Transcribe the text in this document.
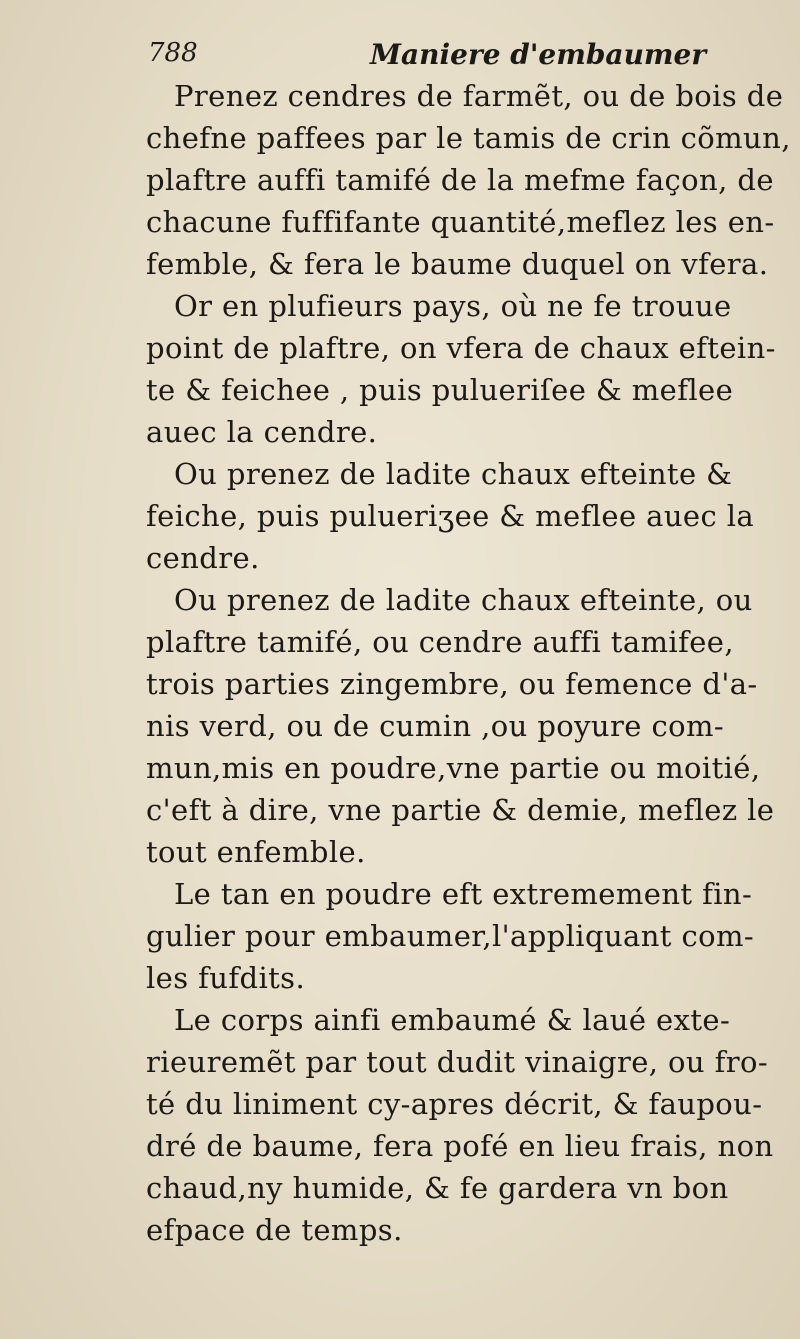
788	Maniere d'embaumer
Prenez cendres de farmẽt, ou de bois de
chefne paffees par le tamis de crin cõmun,
plaftre auffi tamifé de la mefme façon, de
chacune fuffifante quantité,meflez les en-
femble, & fera le baume duquel on vfera.
Or en plufieurs pays, où ne fe trouue
point de plaftre, on vfera de chaux eftein-
te & feichee , puis pulueriſee & meflee
auec la cendre.
Ou prenez de ladite chaux efteinte &
feiche, puis pulueriʒee & meflee auec la
cendre.
Ou prenez de ladite chaux efteinte, ou
plaftre tamifé, ou cendre auffi tamifee,
trois parties zingembre, ou femence d'a-
nis verd, ou de cumin ,ou poyure com-
mun,mis en poudre,vne partie ou moitié,
c'eft à dire, vne partie & demie, meflez le
tout enfemble.
Le tan en poudre eft extremement fin-
gulier pour embaumer,l'appliquant com-
les fufdits.
Le corps ainfi embaumé & laué exte-
rieuremẽt par tout dudit vinaigre, ou fro-
té du liniment cy-apres décrit, & faupou-
dré de baume, fera pofé en lieu frais, non
chaud,ny humide, & fe gardera vn bon
efpace de temps.
